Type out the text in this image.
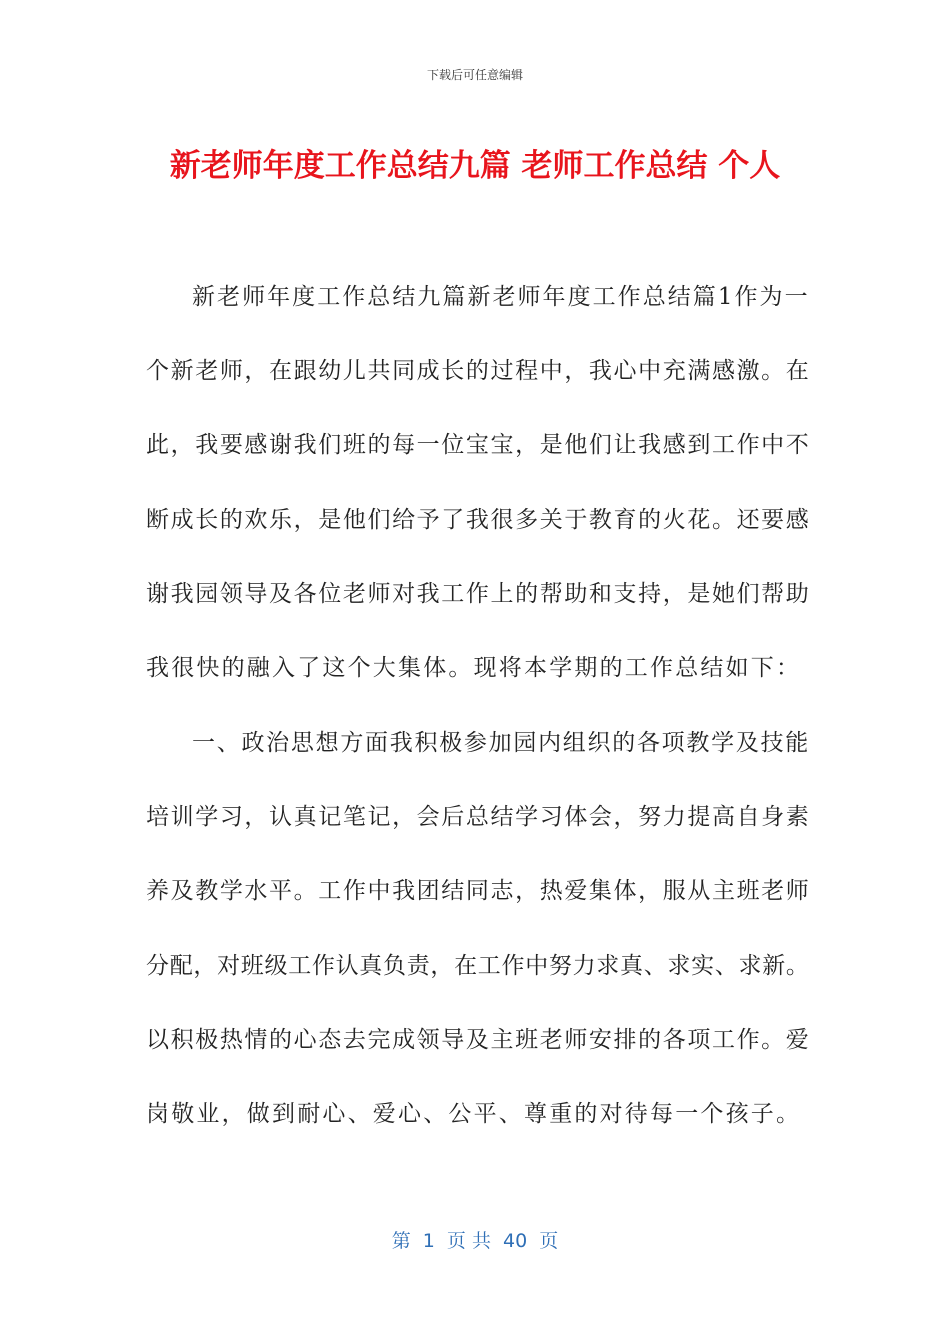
下载后可任意编辑
新老师年度工作总结九篇 老师工作总结 个人
新老师年度工作总结九篇新老师年度工作总结篇1作为一
个新老师，在跟幼儿共同成长的过程中，我心中充满感激。在
此，我要感谢我们班的每一位宝宝，是他们让我感到工作中不
断成长的欢乐，是他们给予了我很多关于教育的火花。还要感
谢我园领导及各位老师对我工作上的帮助和支持，是她们帮助
我很快的融入了这个大集体。现将本学期的工作总结如下：
一、政治思想方面我积极参加园内组织的各项教学及技能
培训学习，认真记笔记，会后总结学习体会，努力提高自身素
养及教学水平。工作中我团结同志，热爱集体，服从主班老师
分配，对班级工作认真负责，在工作中努力求真、求实、求新。
以积极热情的心态去完成领导及主班老师安排的各项工作。爱
岗敬业，做到耐心、爱心、公平、尊重的对待每一个孩子。
第  1  页 共  40  页
